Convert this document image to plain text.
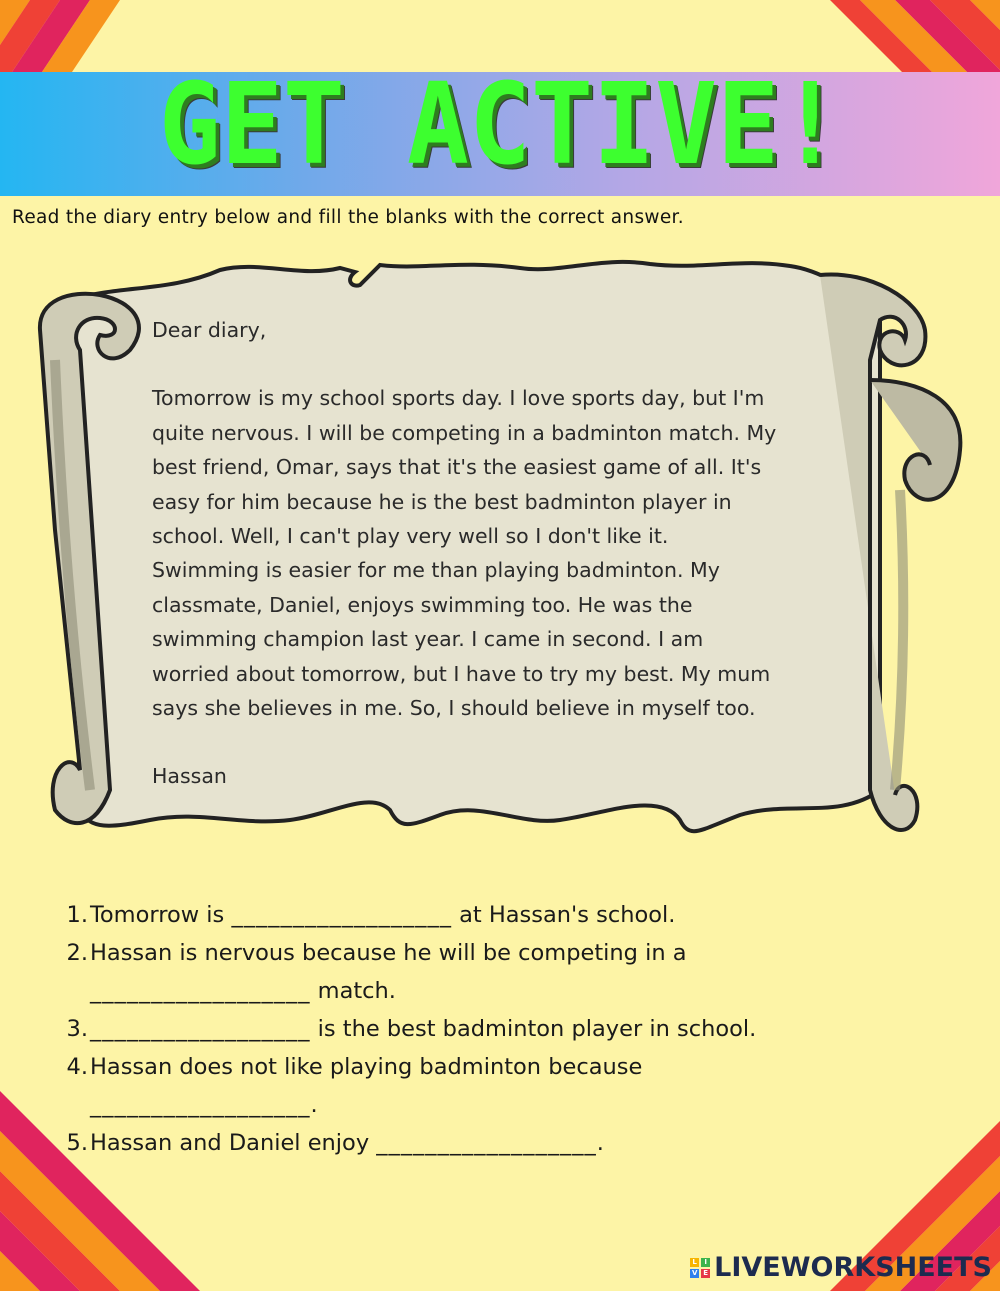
GET ACTIVE!
Read the diary entry below and fill the blanks with the correct answer.

Dear diary,

Tomorrow is my school sports day. I love sports day, but I'm

quite nervous. I will be competing in a badminton match. My

best friend, Omar, says that it's the easiest game of all. It's

easy for him because he is the best badminton player in

school. Well, I can't play very well so I don't like it.

Swimming is easier for me than playing badminton. My

classmate, Daniel, enjoys swimming too. He was the

swimming champion last year. I came in second. I am

worried about tomorrow, but I have to try my best. My mum

says she believes in me. So, I should believe in myself too.

Hassan

1. Tomorrow is __________________ at Hassan's school.
2. Hassan is nervous because he will be competing in a
__________________ match.
3. __________________ is the best badminton player in school.
4. Hassan does not like playing badminton because
__________________.
5. Hassan and Daniel enjoy __________________.
L	I
V E LIVEWORKSHEETS
